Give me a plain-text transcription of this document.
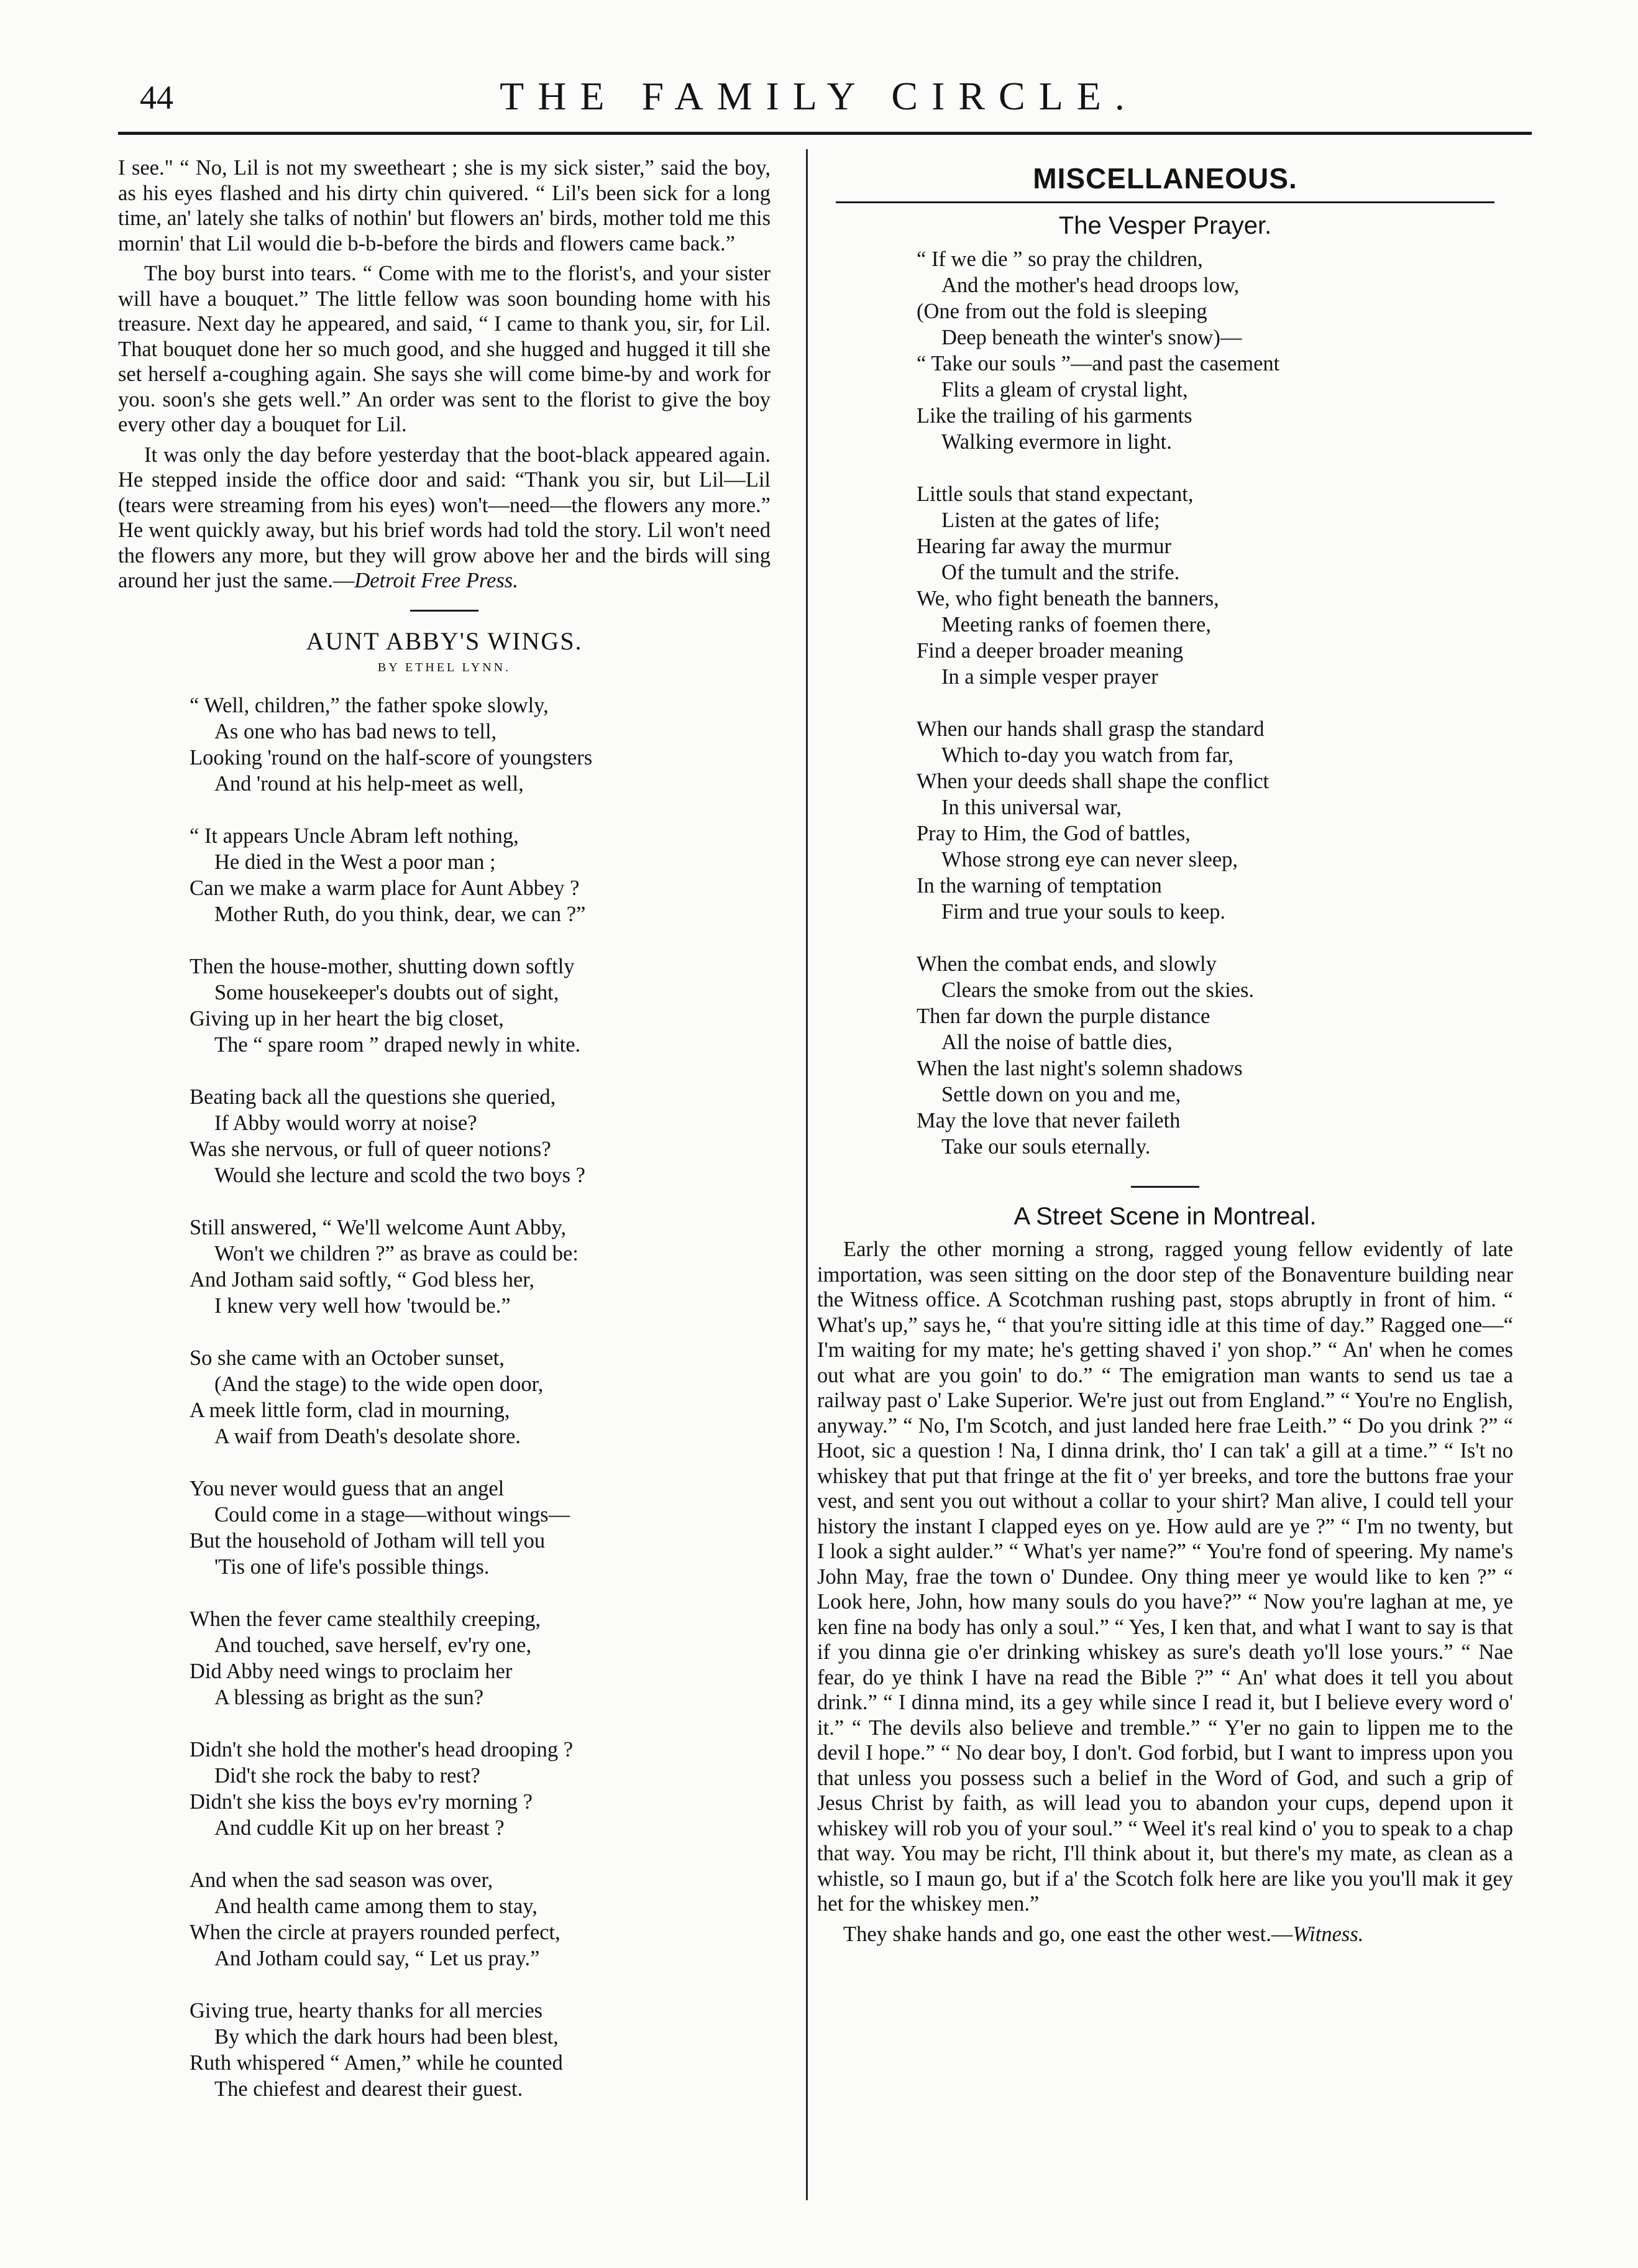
44	THE FAMILY CIRCLE.

I see." “ No, Lil is not my sweetheart ; she is my sick sister,” said the boy, as his eyes flashed and his dirty chin quivered. “ Lil's been sick for a long time, an' lately she talks of nothin' but flowers an' birds, mother told me this mornin' that Lil would die b-b-before the birds and flowers came back.”

The boy burst into tears. “ Come with me to the florist's, and your sister will have a bouquet.” The little fellow was soon bounding home with his treasure. Next day he appeared, and said, “ I came to thank you, sir, for Lil. That bouquet done her so much good, and she hugged and hugged it till she set herself a-coughing again. She says she will come bime-by and work for you. soon's she gets well.” An order was sent to the florist to give the boy every other day a bouquet for Lil.

It was only the day before yesterday that the boot-black appeared again. He stepped inside the office door and said: “Thank you sir, but Lil—Lil (tears were streaming from his eyes) won't—need—the flowers any more.” He went quickly away, but his brief words had told the story. Lil won't need the flowers any more, but they will grow above her and the birds will sing around her just the same.—Detroit Free Press.

AUNT ABBY'S WINGS.
BY ETHEL LYNN.
“ Well, children,” the father spoke slowly,
As one who has bad news to tell,
Looking 'round on the half-score of youngsters
And 'round at his help-meet as well,
“ It appears Uncle Abram left nothing,
He died in the West a poor man ;
Can we make a warm place for Aunt Abbey ?
Mother Ruth, do you think, dear, we can ?”
Then the house-mother, shutting down softly
Some housekeeper's doubts out of sight,
Giving up in her heart the big closet,
The “ spare room ” draped newly in white.
Beating back all the questions she queried,
If Abby would worry at noise?
Was she nervous, or full of queer notions?
Would she lecture and scold the two boys ?
Still answered, “ We'll welcome Aunt Abby,
Won't we children ?” as brave as could be:
And Jotham said softly, “ God bless her,
I knew very well how 'twould be.”
So she came with an October sunset,
(And the stage) to the wide open door,
A meek little form, clad in mourning,
A waif from Death's desolate shore.
You never would guess that an angel
Could come in a stage—without wings—
But the household of Jotham will tell you
'Tis one of life's possible things.
When the fever came stealthily creeping,
And touched, save herself, ev'ry one,
Did Abby need wings to proclaim her
A blessing as bright as the sun?
Didn't she hold the mother's head drooping ?
Did't she rock the baby to rest?
Didn't she kiss the boys ev'ry morning ?
And cuddle Kit up on her breast ?
And when the sad season was over,
And health came among them to stay,
When the circle at prayers rounded perfect,
And Jotham could say, “ Let us pray.”
Giving true, hearty thanks for all mercies
By which the dark hours had been blest,
Ruth whispered “ Amen,” while he counted
The chiefest and dearest their guest.
MISCELLANEOUS.
The Vesper Prayer.
“ If we die ” so pray the children,
And the mother's head droops low,
(One from out the fold is sleeping
Deep beneath the winter's snow)—
“ Take our souls ”—and past the casement
Flits a gleam of crystal light,
Like the trailing of his garments
Walking evermore in light.
Little souls that stand expectant,
Listen at the gates of life;
Hearing far away the murmur
Of the tumult and the strife.
We, who fight beneath the banners,
Meeting ranks of foemen there,
Find a deeper broader meaning
In a simple vesper prayer
When our hands shall grasp the standard
Which to-day you watch from far,
When your deeds shall shape the conflict
In this universal war,
Pray to Him, the God of battles,
Whose strong eye can never sleep,
In the warning of temptation
Firm and true your souls to keep.
When the combat ends, and slowly
Clears the smoke from out the skies.
Then far down the purple distance
All the noise of battle dies,
When the last night's solemn shadows
Settle down on you and me,
May the love that never faileth
Take our souls eternally.
A Street Scene in Montreal.

Early the other morning a strong, ragged young fellow evidently of late importation, was seen sitting on the door step of the Bonaventure building near the Witness office. A Scotchman rushing past, stops abruptly in front of him. “ What's up,” says he, “ that you're sitting idle at this time of day.” Ragged one—“ I'm waiting for my mate; he's getting shaved i' yon shop.” “ An' when he comes out what are you goin' to do.” “ The emigration man wants to send us tae a railway past o' Lake Superior. We're just out from England.” “ You're no English, anyway.” “ No, I'm Scotch, and just landed here frae Leith.” “ Do you drink ?” “ Hoot, sic a question ! Na, I dinna drink, tho' I can tak' a gill at a time.” “ Is't no whiskey that put that fringe at the fit o' yer breeks, and tore the buttons frae your vest, and sent you out without a collar to your shirt? Man alive, I could tell your history the instant I clapped eyes on ye. How auld are ye ?” “ I'm no twenty, but I look a sight aulder.” “ What's yer name?” “ You're fond of speering. My name's John May, frae the town o' Dundee. Ony thing meer ye would like to ken ?” “ Look here, John, how many souls do you have?” “ Now you're laghan at me, ye ken fine na body has only a soul.” “ Yes, I ken that, and what I want to say is that if you dinna gie o'er drinking whiskey as sure's death yo'll lose yours.” “ Nae fear, do ye think I have na read the Bible ?” “ An' what does it tell you about drink.” “ I dinna mind, its a gey while since I read it, but I believe every word o' it.” “ The devils also believe and tremble.” “ Y'er no gain to lippen me to the devil I hope.” “ No dear boy, I don't. God forbid, but I want to impress upon you that unless you possess such a belief in the Word of God, and such a grip of Jesus Christ by faith, as will lead you to abandon your cups, depend upon it whiskey will rob you of your soul.” “ Weel it's real kind o' you to speak to a chap that way. You may be richt, I'll think about it, but there's my mate, as clean as a whistle, so I maun go, but if a' the Scotch folk here are like you you'll mak it gey het for the whiskey men.”

They shake hands and go, one east the other west.—Witness.
